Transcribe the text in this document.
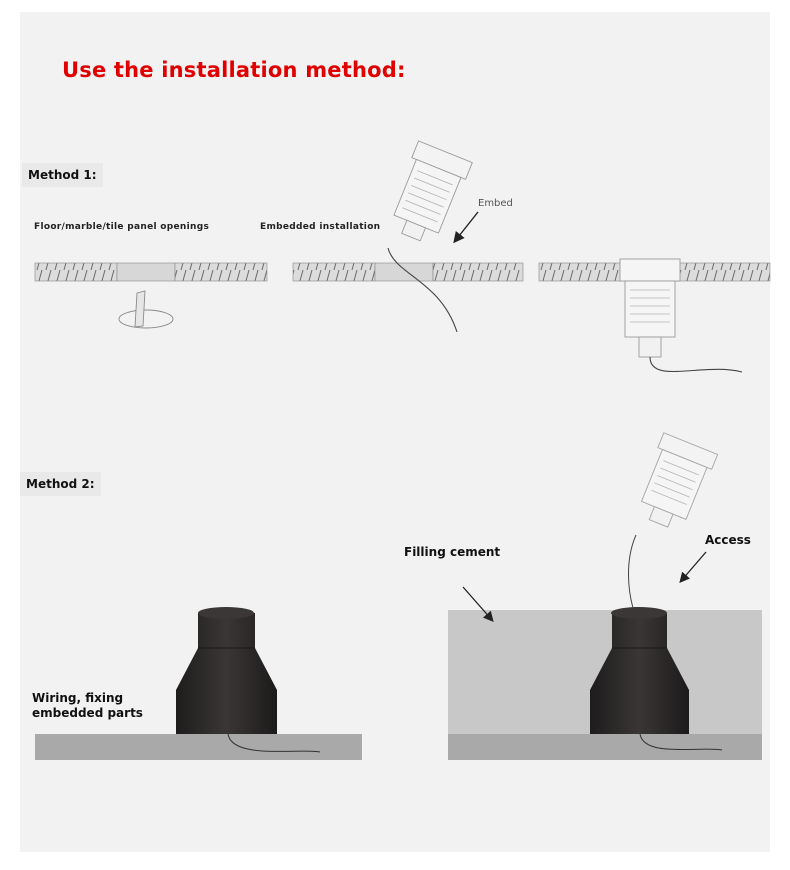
Use the installation method:
Method 1:
Floor/marble/tile panel openings	Embedded installation
Embed
Method 2:
Wiring, fixing
embedded parts
Filling cement
Access
